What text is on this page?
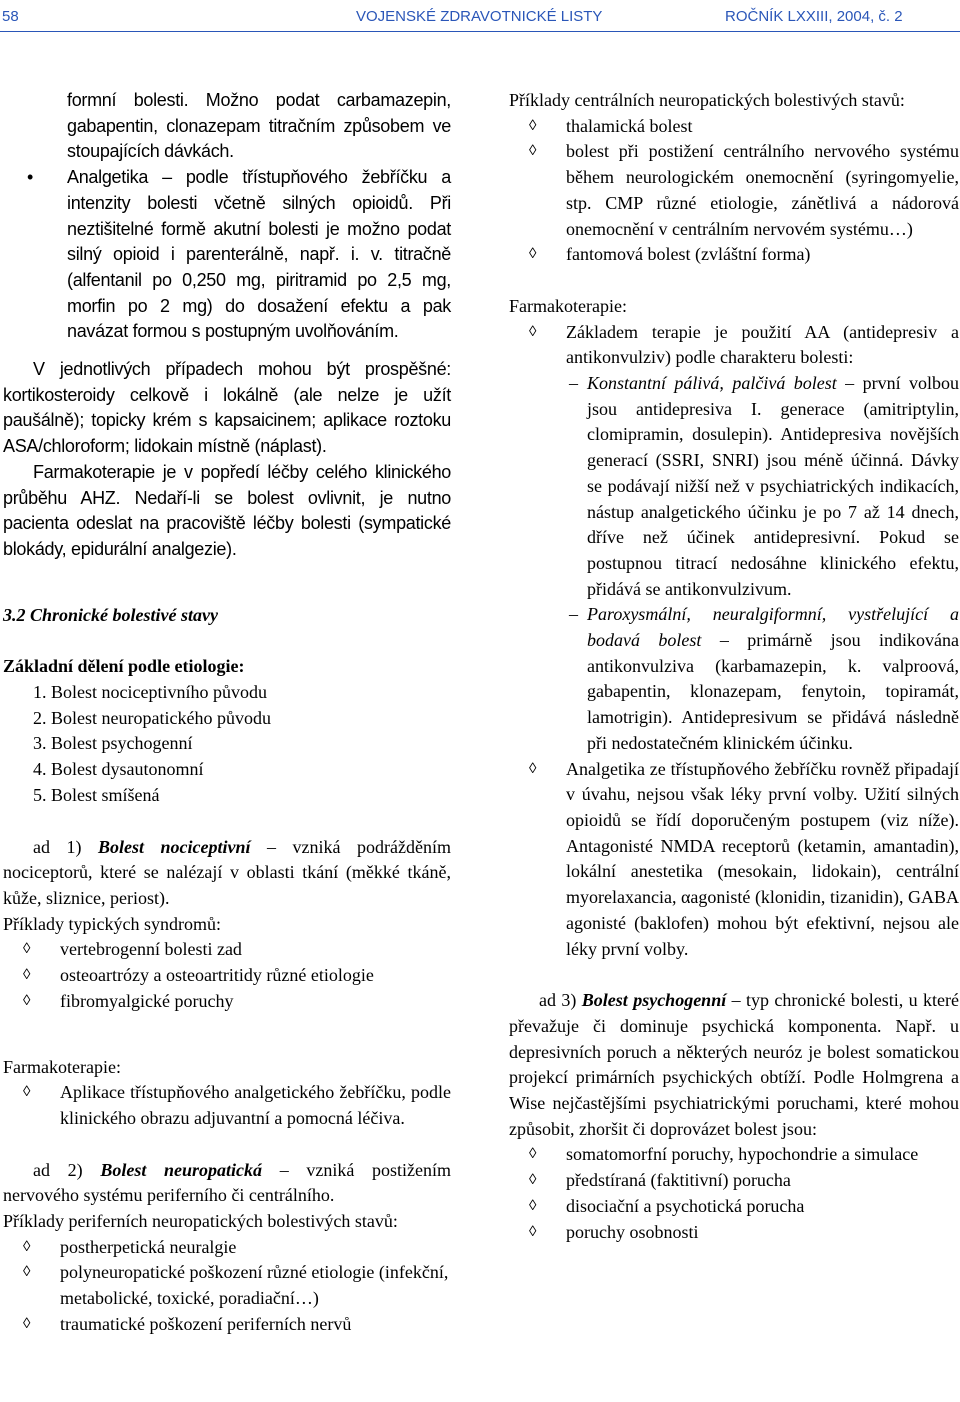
58	VOJENSKÉ ZDRAVOTNICKÉ LISTY	ROČNÍK LXXIII, 2004, č. 2

formní bolesti. Možno podat carbamazepin, gabapentin, clonazepam titračním způsobem ve stoupajících dávkách.

• Analgetika – podle třístupňového žebříčku a intenzity bolesti včetně silných opioidů. Při neztišitelné formě akutní bolesti je možno podat silný opioid i parenterálně, např. i. v. titračně (alfentanil po 0,250 mg, piritramid po 2,5 mg, morfin po 2 mg) do dosažení efektu a pak navázat formou s postupným uvolňováním.

V jednotlivých případech mohou být prospěšné: kortikosteroidy celkově i lokálně (ale nelze je užít paušálně); topicky krém s kapsaicinem; aplikace roztoku ASA/chloroform; lidokain místně (náplast).

Farmakoterapie je v popředí léčby celého klinického průběhu AHZ. Nedaří-li se bolest ovlivnit, je nutno pacienta odeslat na pracoviště léčby bolesti (sympatické blokády, epidurální analgezie).

3.2 Chronické bolestivé stavy

Základní dělení podle etiologie:

1. Bolest nociceptivního původu

2. Bolest neuropatického původu

3. Bolest psychogenní

4. Bolest dysautonomní

5. Bolest smíšená

ad 1) Bolest nociceptivní – vzniká podrážděním nociceptorů, které se nalézají v oblasti tkání (měkké tkáně, kůže, sliznice, periost).

Příklady typických syndromů:

◊ vertebrogenní bolesti zad
◊ osteoartrózy a osteoartritidy různé etiologie
◊ fibromyalgické poruchy

Farmakoterapie:

◊ Aplikace třístupňového analgetického žebříčku, podle klinického obrazu adjuvantní a pomocná léčiva.

ad 2) Bolest neuropatická – vzniká postižením nervového systému periferního či centrálního.

Příklady periferních neuropatických bolestivých stavů:

◊ postherpetická neuralgie
◊ polyneuropatické poškození různé etiologie (infekční, metabolické, toxické, poradiační…)
◊ traumatické poškození periferních nervů

Příklady centrálních neuropatických bolestivých stavů:

◊ thalamická bolest
◊ bolest při postižení centrálního nervového systému během neurologickém onemocnění (syringomyelie, stp. CMP různé etiologie, zánětlivá a nádorová onemocnění v centrálním nervovém systému…)
◊ fantomová bolest (zvláštní forma)

Farmakoterapie:

◊ Základem terapie je použití AA (antidepresiv a antikonvulziv) podle charakteru bolesti:
– Konstantní pálivá, palčivá bolest – první volbou jsou antidepresiva I. generace (amitriptylin, clomipramin, dosulepin). Antidepresiva novějších generací (SSRI, SNRI) jsou méně účinná. Dávky se podávají nižší než v psychiatrických indikacích, nástup analgetického účinku je po 7 až 14 dnech, dříve než účinek antidepresivní. Pokud se postupnou titrací nedosáhne klinického efektu, přidává se antikonvulzivum.
– Paroxysmální, neuralgiformní, vystřelující a bodavá bolest – primárně jsou indikována antikonvulziva (karbamazepin, k. valproová, gabapentin, klonazepam, fenytoin, topiramát, lamotrigin). Antidepresivum se přidává následně při nedostatečném klinickém účinku.
◊ Analgetika ze třístupňového žebříčku rovněž připadají v úvahu, nejsou však léky první volby. Užití silných opioidů se řídí doporučeným postupem (viz níže). Antagonisté NMDA receptorů (ketamin, amantadin), lokální anestetika (mesokain, lidokain), centrální myorelaxancia, αagonisté (klonidin, tizanidin), GABA agonisté (baklofen) mohou být efektivní, nejsou ale léky první volby.

ad 3) Bolest psychogenní – typ chronické bolesti, u které převažuje či dominuje psychická komponenta. Např. u depresivních poruch a některých neuróz je bolest somatickou projekcí primárních psychických obtíží. Podle Holmgrena a Wise nejčastějšími psychiatrickými poruchami, které mohou způsobit, zhoršit či doprovázet bolest jsou:

◊ somatomorfní poruchy, hypochondrie a simulace
◊ předstíraná (faktitivní) porucha
◊ disociační a psychotická porucha
◊ poruchy osobnosti
